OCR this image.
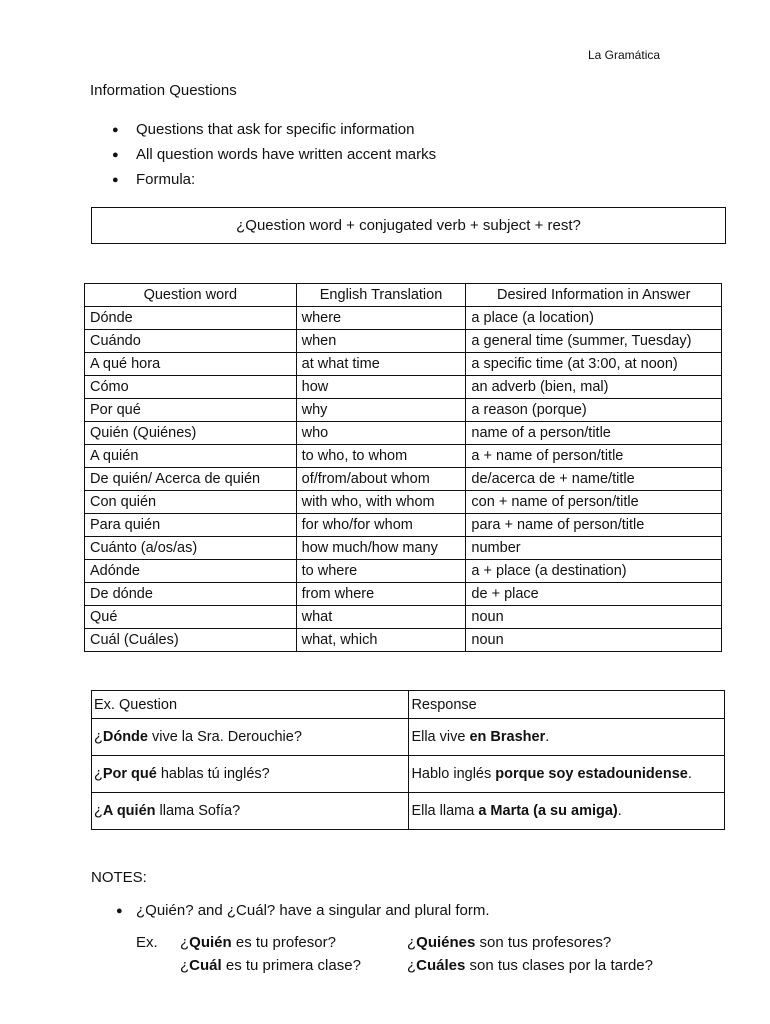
La Gramática
Information Questions
● Questions that ask for specific information
● All question words have written accent marks
● Formula:
¿Question word + conjugated verb + subject + rest?
Question word	English Translation	Desired Information in Answer
Dónde	where	a place (a location)
Cuándo	when	a general time (summer, Tuesday)
A qué hora	at what time	a specific time (at 3:00, at noon)
Cómo	how	an adverb (bien, mal)
Por qué	why	a reason (porque)
Quién (Quiénes)	who	name of a person/title
A quién	to who, to whom	a + name of person/title
De quién/ Acerca de quién	of/from/about whom	de/acerca de + name/title
Con quién	with who, with whom	con + name of person/title
Para quién	for who/for whom	para + name of person/title
Cuánto (a/os/as)	how much/how many	number
Adónde	to where	a + place (a destination)
De dónde	from where	de + place
Qué	what	noun
Cuál (Cuáles)	what, which	noun
Ex. Question	Response
¿Dónde vive la Sra. Derouchie?	Ella vive en Brasher.
¿Por qué hablas tú inglés?	Hablo inglés porque soy estadounidense.
¿A quién llama Sofía?	Ella llama a Marta (a su amiga).
NOTES:
● ¿Quién? and ¿Cuál? have a singular and plural form.
Ex. ¿Quién es tu profesor?	¿Quiénes son tus profesores?
¿Cuál es tu primera clase?	¿Cuáles son tus clases por la tarde?
